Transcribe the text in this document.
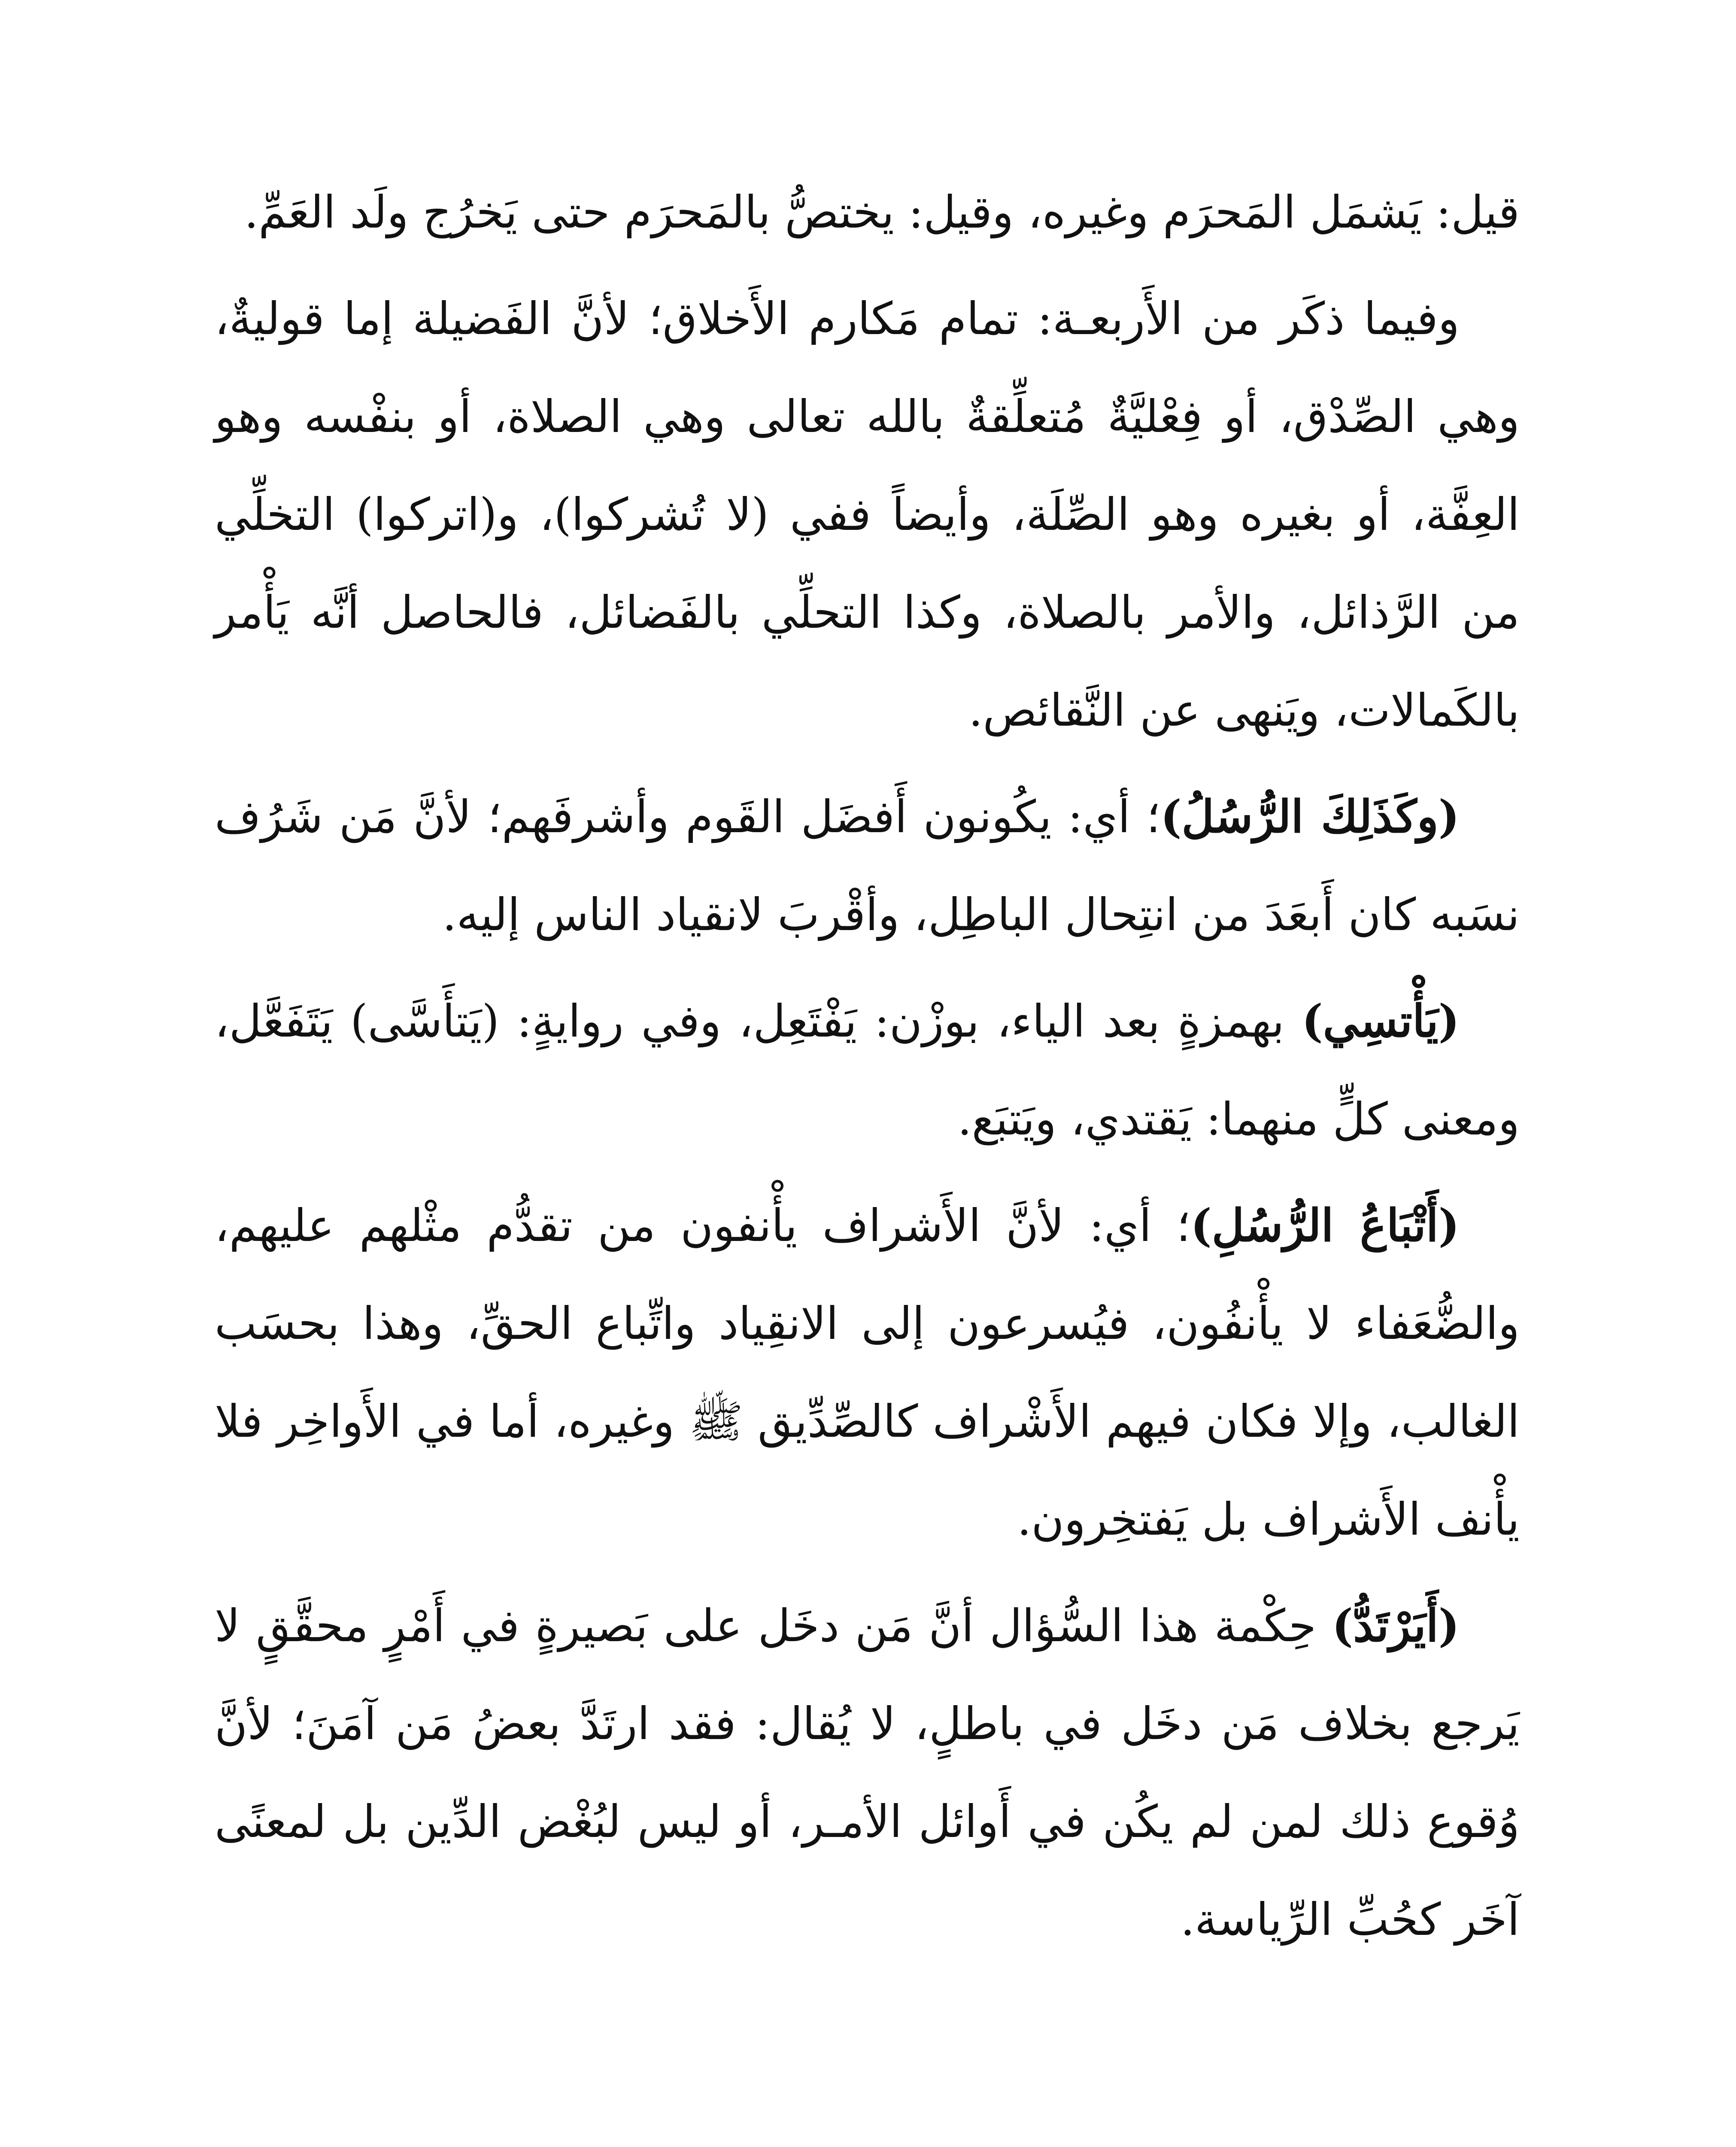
قيل: يَشمَل المَحرَم وغيره، وقيل: يختصُّ بالمَحرَم حتى يَخرُج ولَد العَمِّ.

وفيما ذكَر من الأَربعـة: تمام مَكارم الأَخلاق؛ لأنَّ الفَضيلة إما قوليةٌ، وهي الصِّدْق، أو فِعْليَّةٌ مُتعلِّقةٌ بالله تعالى وهي الصلاة، أو بنفْسه وهو العِفَّة، أو بغيره وهو الصِّلَة، وأيضاً ففي (لا تُشركوا)، و(اتركوا) التخلِّي من الرَّذائل، والأمر بالصلاة، وكذا التحلِّي بالفَضائل، فالحاصل أنَّه يَأْمر بالكَمالات، ويَنهى عن النَّقائص.

(وكَذَلِكَ الرُّسُلُ)؛ أي: يكُونون أَفضَل القَوم وأشرفَهم؛ لأنَّ مَن شَرُف نسَبه كان أَبعَدَ من انتِحال الباطِل، وأقْربَ لانقياد الناس إليه.

(يَأْتسِي) بهمزةٍ بعد الياء، بوزْن: يَفْتَعِل، وفي روايةٍ: (يَتأَسَّى) يَتَفَعَّل، ومعنى كلٍّ منهما: يَقتدي، ويَتبَع.

(أَتْبَاعُ الرُّسُلِ)؛ أي: لأنَّ الأَشراف يأْنفون من تقدُّم مثْلهم عليهم، والضُّعَفاء لا يأْنفُون، فيُسرعون إلى الانقِياد واتِّباع الحقِّ، وهذا بحسَب الغالب، وإلا فكان فيهم الأَشْراف كالصِّدِّيق ﷺ وغيره، أما في الأَواخِر فلا يأْنف الأَشراف بل يَفتخِرون.

(أَيَرْتَدُّ) حِكْمة هذا السُّؤال أنَّ مَن دخَل على بَصيرةٍ في أَمْرٍ محقَّقٍ لا يَرجع بخلاف مَن دخَل في باطلٍ، لا يُقال: فقد ارتَدَّ بعضُ مَن آمَنَ؛ لأنَّ وُقوع ذلك لمن لم يكُن في أَوائل الأمـر، أو ليس لبُغْض الدِّين بل لمعنًى آخَر كحُبِّ الرِّياسة.
